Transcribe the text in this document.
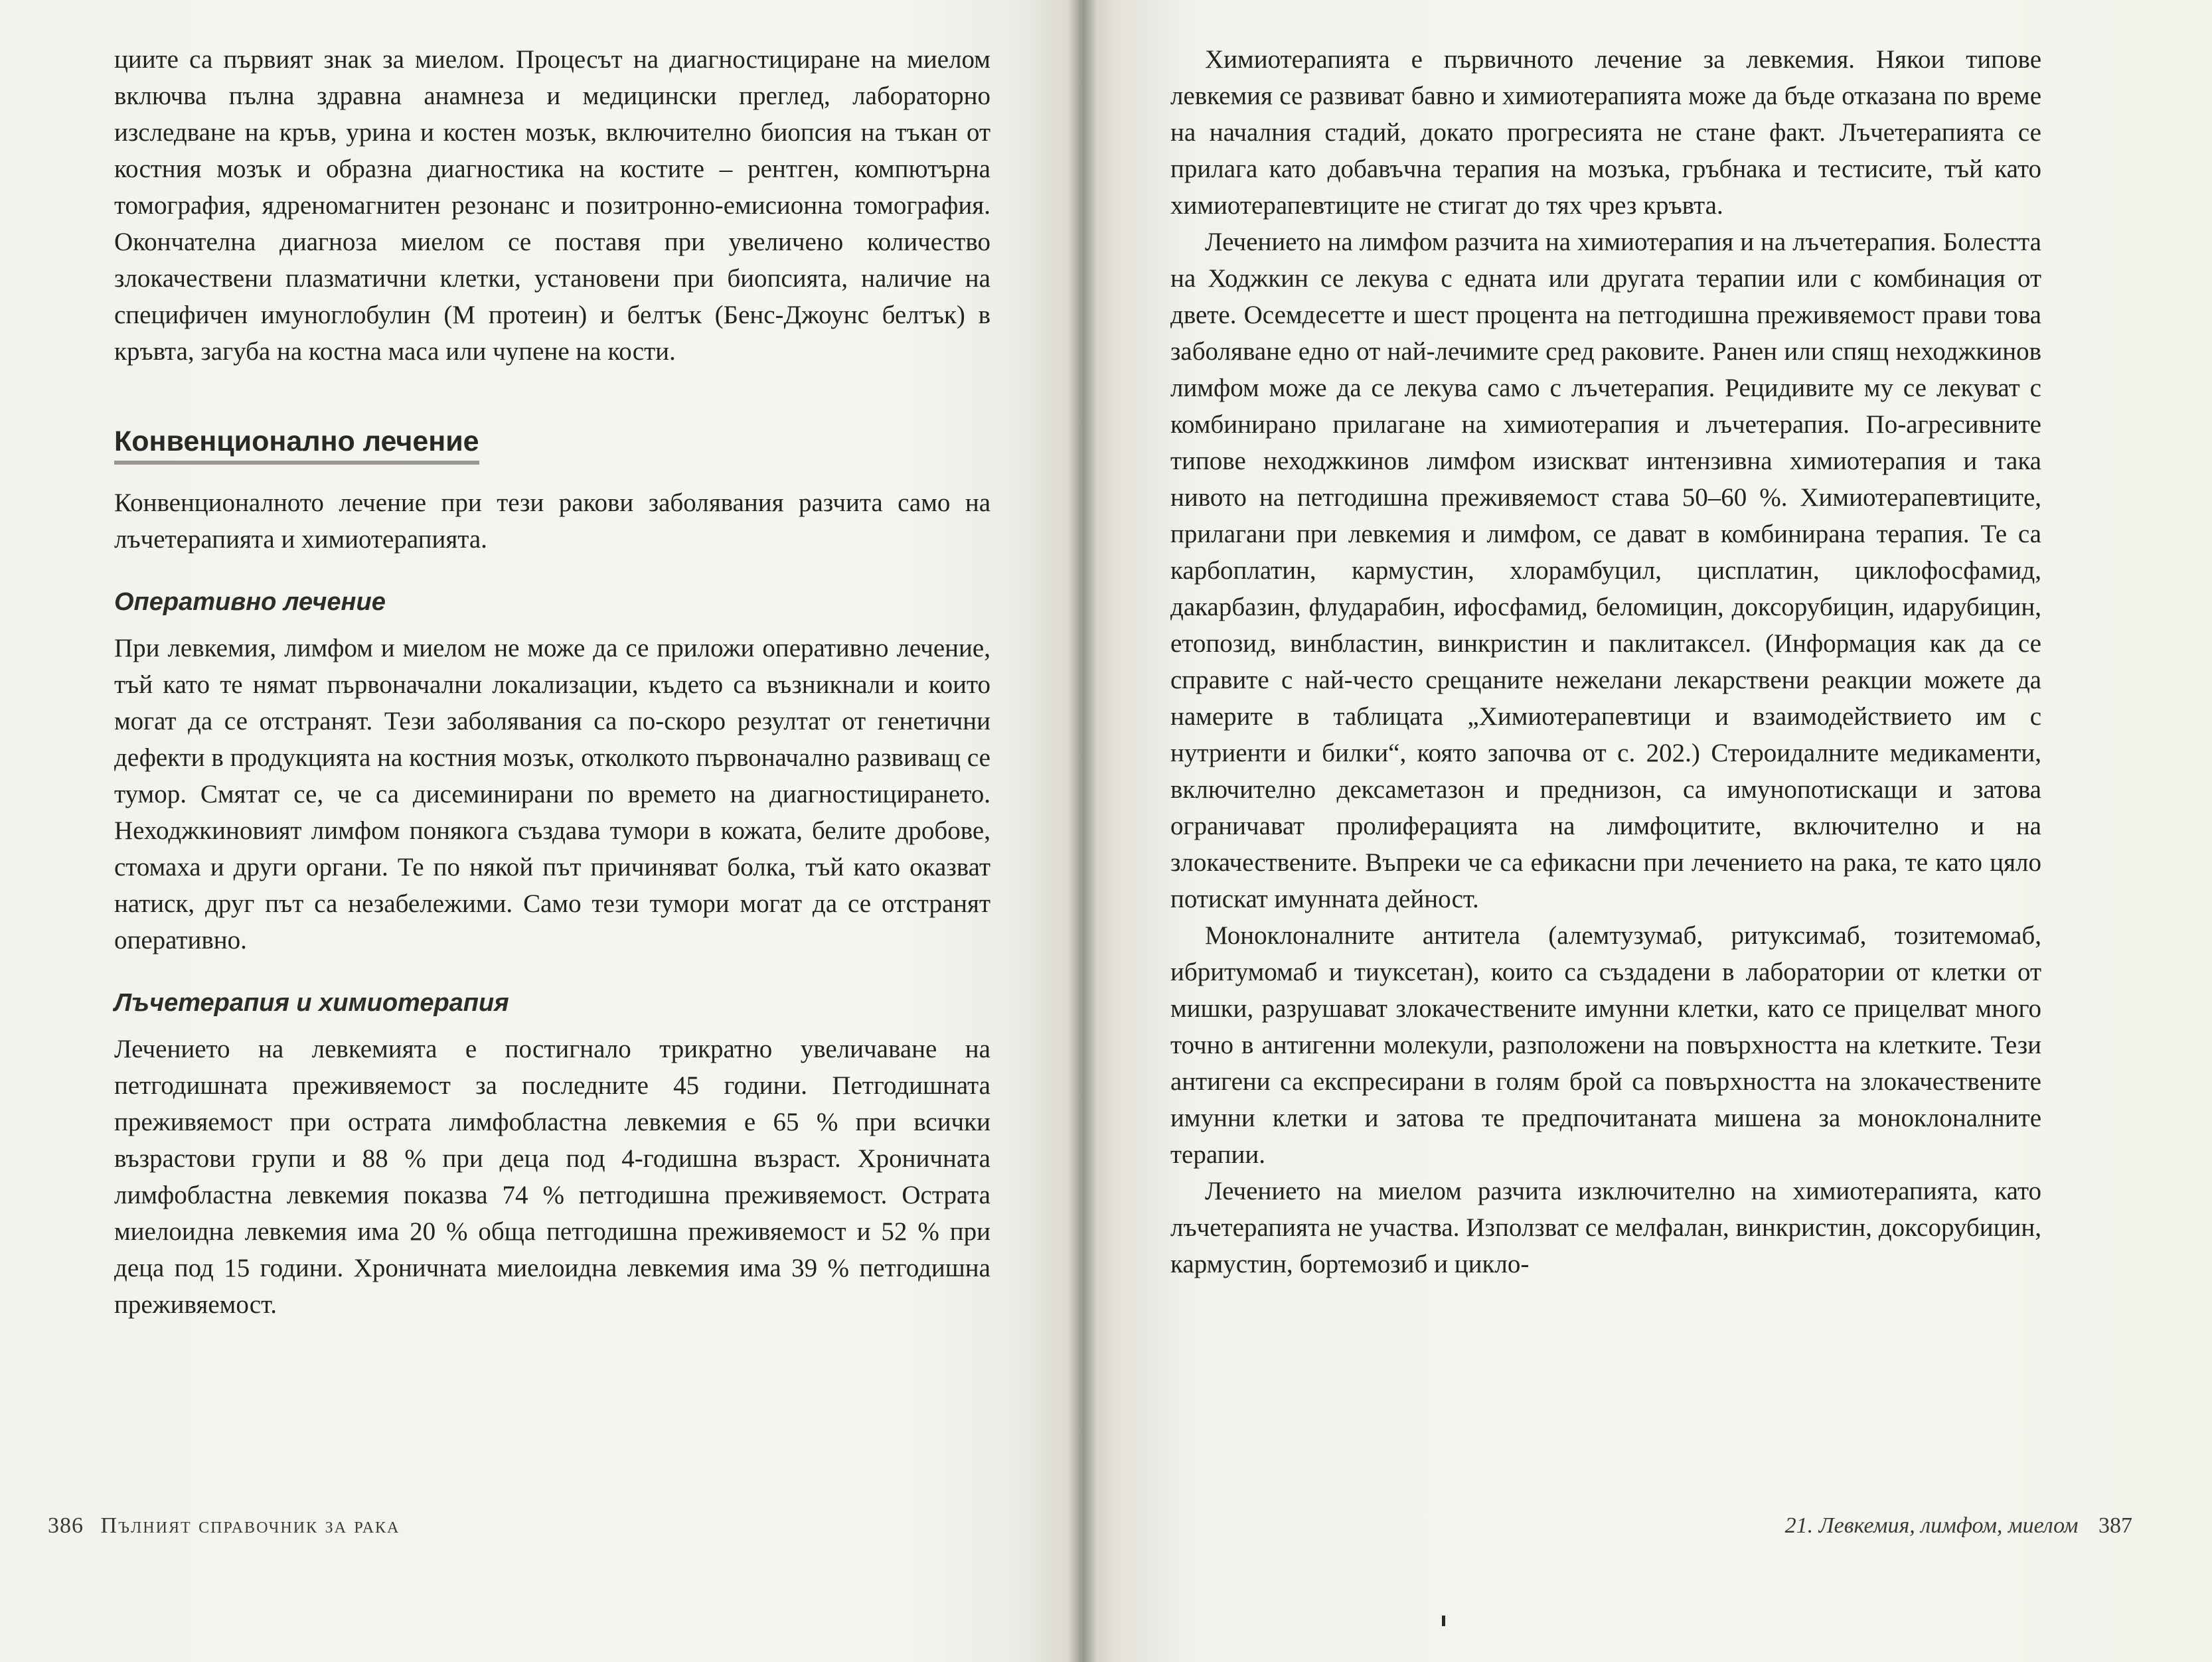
циите са първият знак за миелом. Процесът на диагностициране на миелом включва пълна здравна анамнеза и медицински преглед, лабораторно изследване на кръв, урина и костен мозък, включително биопсия на тъкан от костния мозък и образна диагностика на костите – рентген, компютърна томография, ядреномагнитен резонанс и позитронно-емисионна томография. Окончателна диагноза миелом се поставя при увеличено количество злокачествени плазматични клетки, установени при биопсията, наличие на специфичен имуноглобулин (М протеин) и белтък (Бенс-Джоунс белтък) в кръвта, загуба на костна маса или чупене на кости.

Конвенционално лечение

Конвенционалното лечение при тези ракови заболявания разчита само на лъчетерапията и химиотерапията.

Оперативно лечение

При левкемия, лимфом и миелом не може да се приложи оперативно лечение, тъй като те нямат първоначални локализации, където са възникнали и които могат да се отстранят. Тези заболявания са по-скоро резултат от генетични дефекти в продукцията на костния мозък, отколкото първоначално развиващ се тумор. Смятат се, че са дисеминирани по времето на диагностицирането. Неходжкиновият лимфом понякога създава тумори в кожата, белите дробове, стомаха и други органи. Те по някой път причиняват болка, тъй като оказват натиск, друг път са незабележими. Само тези тумори могат да се отстранят оперативно.

Лъчетерапия и химиотерапия

Лечението на левкемията е постигнало трикратно увеличаване на петгодишната преживяемост за последните 45 години. Петгодишната преживяемост при острата лимфобластна левкемия е 65 % при всички възрастови групи и 88 % при деца под 4-годишна възраст. Хроничната лимфобластна левкемия показва 74 % петгодишна преживяемост. Острата миелоидна левкемия има 20 % обща петгодишна преживяемост и 52 % при деца под 15 години. Хроничната миелоидна левкемия има 39 % петгодишна преживяемост.

386 Пълният справочник за рака

Химиотерапията е първичното лечение за левкемия. Някои типове левкемия се развиват бавно и химиотерапията може да бъде отказана по време на началния стадий, докато прогресията не стане факт. Лъчетерапията се прилага като добавъчна терапия на мозъка, гръбнака и тестисите, тъй като химиотерапевтиците не стигат до тях чрез кръвта.

Лечението на лимфом разчита на химиотерапия и на лъчетерапия. Болестта на Ходжкин се лекува с едната или другата терапии или с комбинация от двете. Осемдесетте и шест процента на петгодишна преживяемост прави това заболяване едно от най-лечимите сред раковите. Ранен или спящ неходжкинов лимфом може да се лекува само с лъчетерапия. Рецидивите му се лекуват с комбинирано прилагане на химиотерапия и лъчетерапия. По-агресивните типове неходжкинов лимфом изискват интензивна химиотерапия и така нивото на петгодишна преживяемост става 50–60 %. Химиотерапевтиците, прилагани при левкемия и лимфом, се дават в комбинирана терапия. Те са карбоплатин, кармустин, хлорамбуцил, цисплатин, циклофосфамид, дакарбазин, флударабин, ифосфамид, беломицин, доксорубицин, идарубицин, етопозид, винбластин, винкристин и паклитаксел. (Информация как да се справите с най-често срещаните нежелани лекарствени реакции можете да намерите в таблицата „Химиотерапевтици и взаимодействието им с нутриенти и билки“, която започва от с. 202.) Стероидалните медикаменти, включително дексаметазон и преднизон, са имунопотискащи и затова ограничават пролиферацията на лимфоцитите, включително и на злокачествените. Въпреки че са ефикасни при лечението на рака, те като цяло потискат имунната дейност.

Моноклоналните антитела (алемтузумаб, ритуксимаб, тозитемомаб, ибритумомаб и тиуксетан), които са създадени в лаборатории от клетки от мишки, разрушават злокачествените имунни клетки, като се прицелват много точно в антигенни молекули, разположени на повърхността на клетките. Тези антигени са експресирани в голям брой са повърхността на злокачествените имунни клетки и затова те предпочитаната мишена за моноклоналните терапии.

Лечението на миелом разчита изключително на химиотерапията, като лъчетерапията не участва. Използват се мелфалан, винкристин, доксорубицин, кармустин, бортемозиб и цикло-

21. Левкемия, лимфом, миелом 387
